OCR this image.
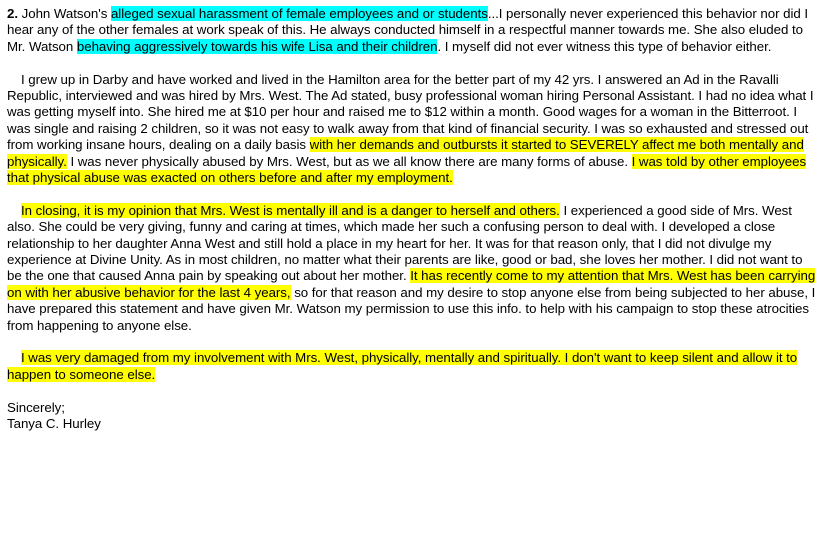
2. John Watson's alleged sexual harassment of female employees and or students...I personally never experienced this behavior nor did I hear any of the other females at work speak of this. He always conducted himself in a respectful manner towards me. She also eluded to Mr. Watson behaving aggressively towards his wife Lisa and their children. I myself did not ever witness this type of behavior either.

I grew up in Darby and have worked and lived in the Hamilton area for the better part of my 42 yrs. I answered an Ad in the Ravalli Republic, interviewed and was hired by Mrs. West. The Ad stated, busy professional woman hiring Personal Assistant. I had no idea what I was getting myself into. She hired me at $10 per hour and raised me to $12 within a month. Good wages for a woman in the Bitterroot. I was single and raising 2 children, so it was not easy to walk away from that kind of financial security. I was so exhausted and stressed out from working insane hours, dealing on a daily basis with her demands and outbursts it started to SEVERELY affect me both mentally and physically. I was never physically abused by Mrs. West, but as we all know there are many forms of abuse. I was told by other employees that physical abuse was exacted on others before and after my employment.

In closing, it is my opinion that Mrs. West is mentally ill and is a danger to herself and others. I experienced a good side of Mrs. West also. She could be very giving, funny and caring at times, which made her such a confusing person to deal with. I developed a close relationship to her daughter Anna West and still hold a place in my heart for her. It was for that reason only, that I did not divulge my experience at Divine Unity. As in most children, no matter what their parents are like, good or bad, she loves her mother. I did not want to be the one that caused Anna pain by speaking out about her mother. It has recently come to my attention that Mrs. West has been carrying on with her abusive behavior for the last 4 years, so for that reason and my desire to stop anyone else from being subjected to her abuse, I have prepared this statement and have given Mr. Watson my permission to use this info. to help with his campaign to stop these atrocities from happening to anyone else.

I was very damaged from my involvement with Mrs. West, physically, mentally and spiritually. I don't want to keep silent and allow it to happen to someone else.

Sincerely;
Tanya C. Hurley
